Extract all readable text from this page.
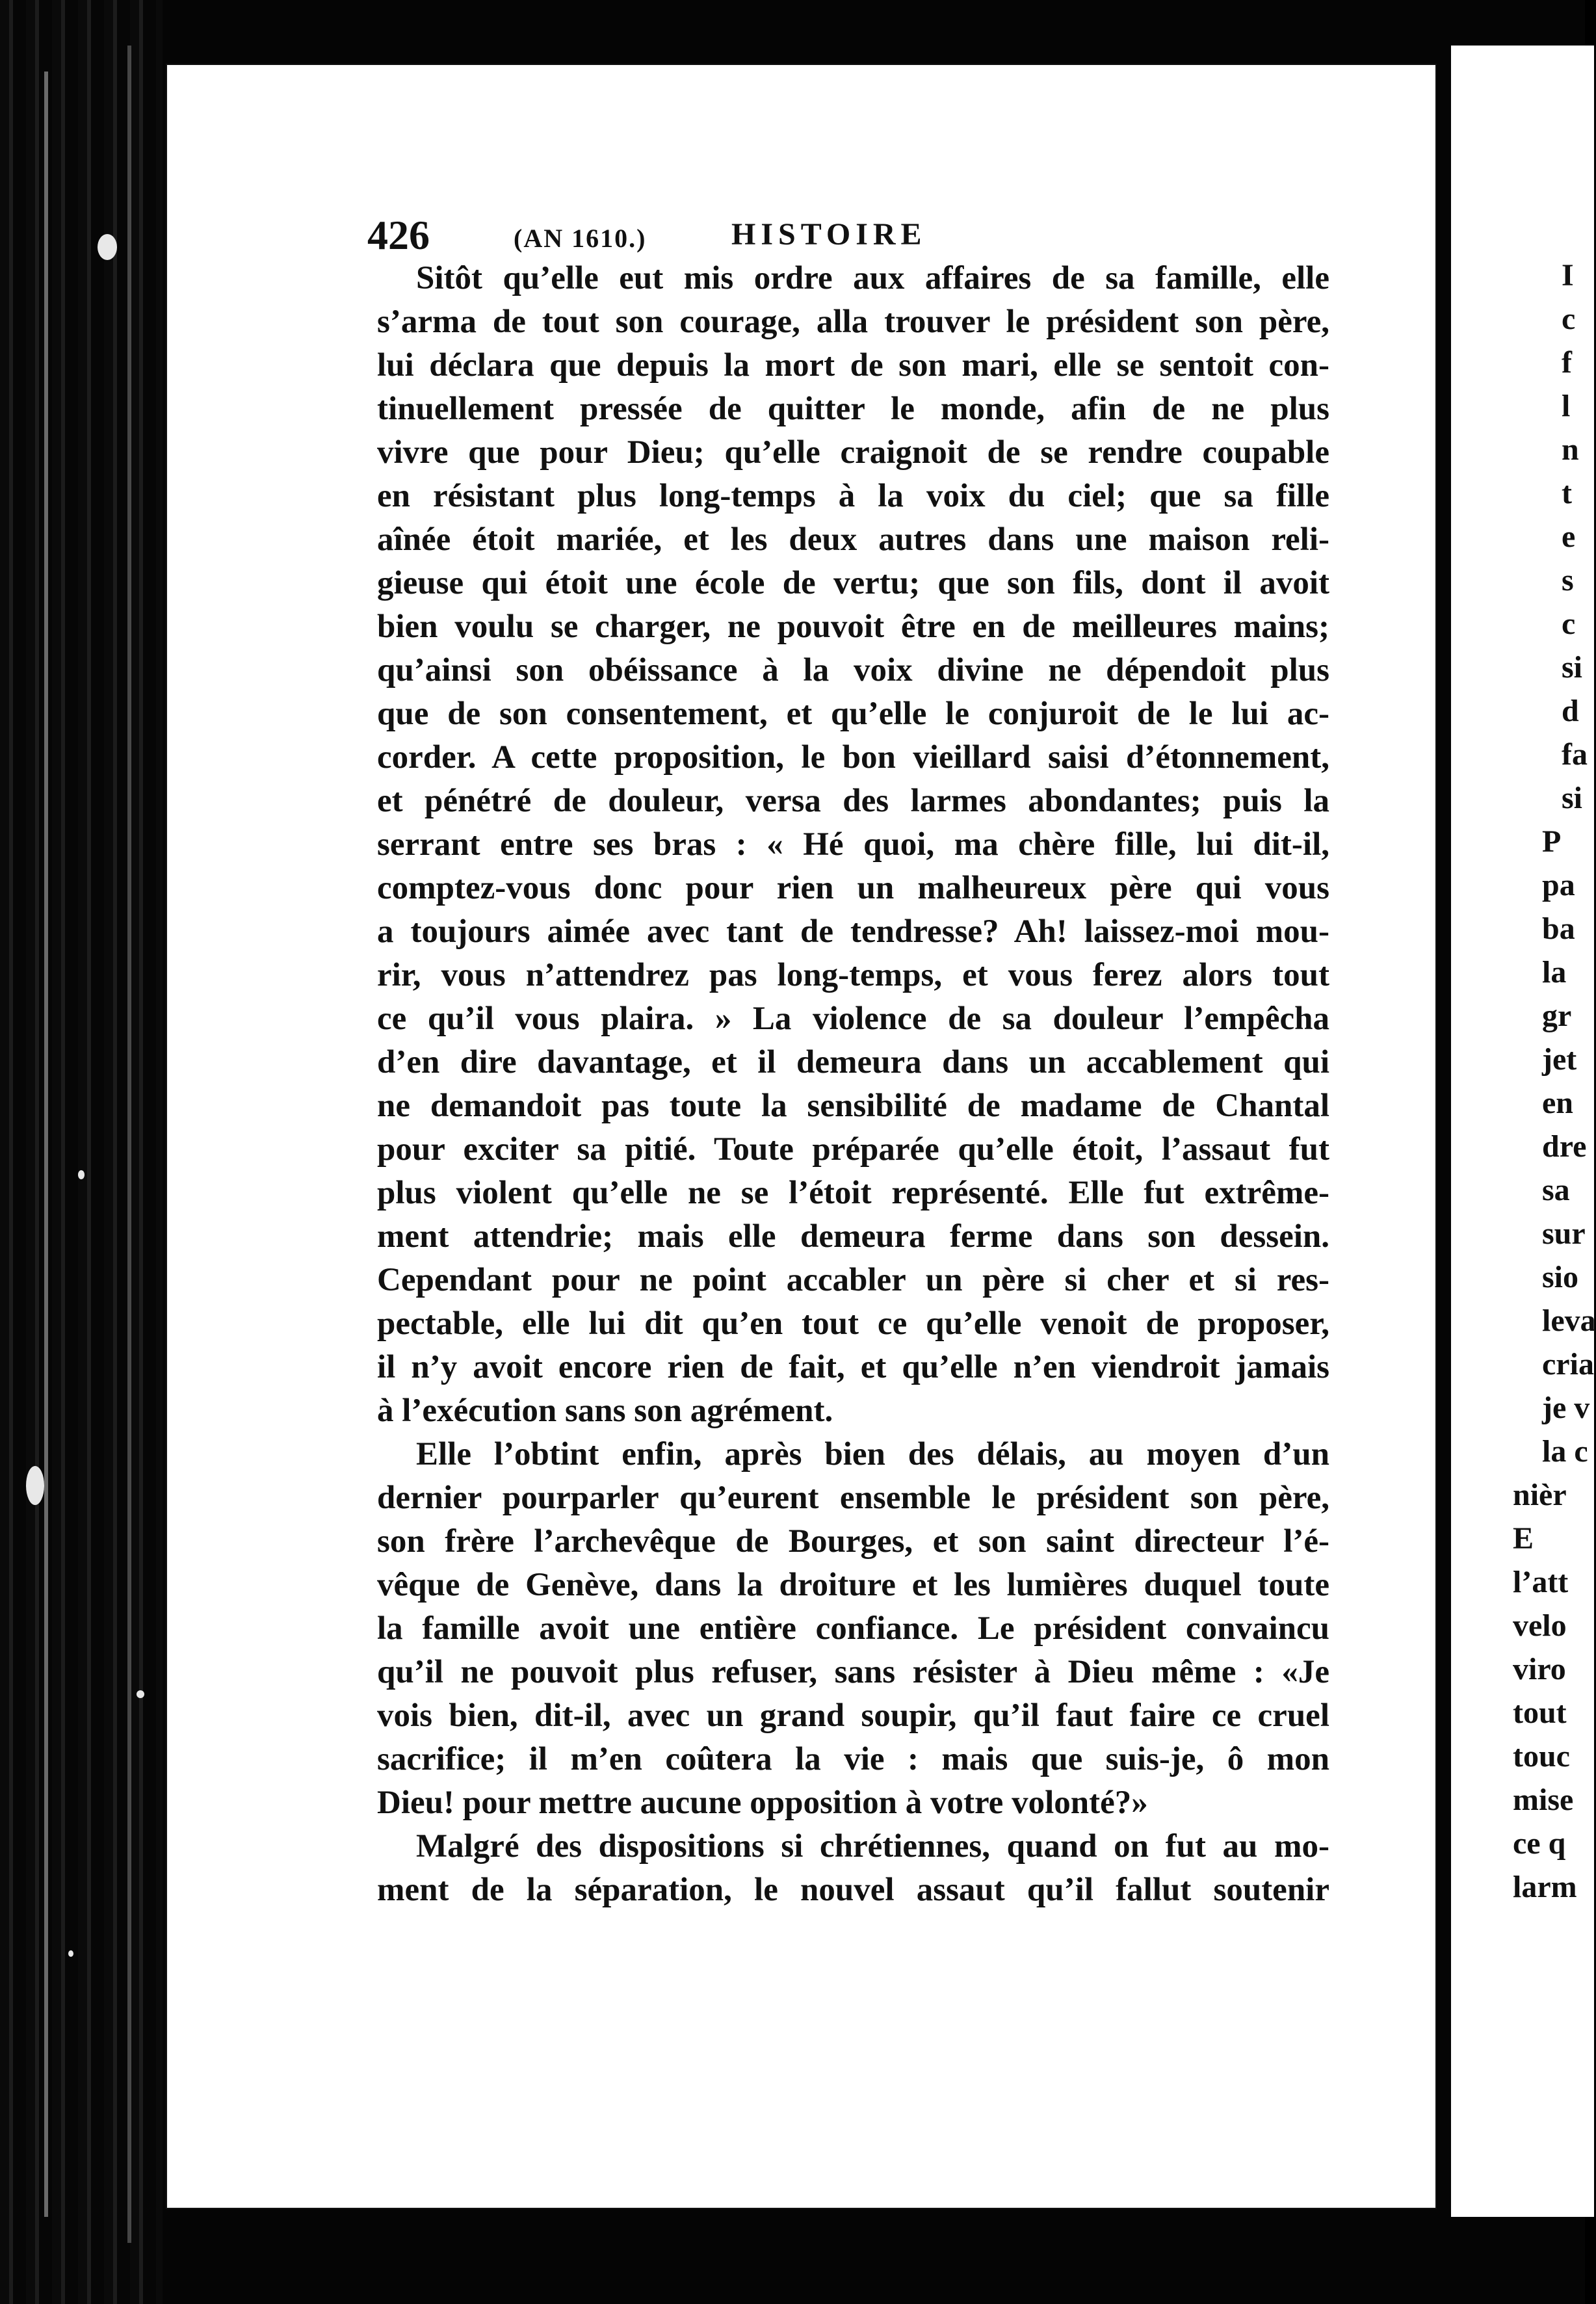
426	(AN 1610.)	HISTOIRE
Sitôt qu’elle eut mis ordre aux affaires de sa famille, elle
s’arma de tout son courage, alla trouver le président son père,
lui déclara que depuis la mort de son mari, elle se sentoit con-
tinuellement pressée de quitter le monde, afin de ne plus
vivre que pour Dieu; qu’elle craignoit de se rendre coupable
en résistant plus long-temps à la voix du ciel; que sa fille
aînée étoit mariée, et les deux autres dans une maison reli-
gieuse qui étoit une école de vertu; que son fils, dont il avoit
bien voulu se charger, ne pouvoit être en de meilleures mains;
qu’ainsi son obéissance à la voix divine ne dépendoit plus
que de son consentement, et qu’elle le conjuroit de le lui ac-
corder. A cette proposition, le bon vieillard saisi d’étonnement,
et pénétré de douleur, versa des larmes abondantes; puis la
serrant entre ses bras : « Hé quoi, ma chère fille, lui dit-il,
comptez-vous donc pour rien un malheureux père qui vous
a toujours aimée avec tant de tendresse? Ah! laissez-moi mou-
rir, vous n’attendrez pas long-temps, et vous ferez alors tout
ce qu’il vous plaira. » La violence de sa douleur l’empêcha
d’en dire davantage, et il demeura dans un accablement qui
ne demandoit pas toute la sensibilité de madame de Chantal
pour exciter sa pitié. Toute préparée qu’elle étoit, l’assaut fut
plus violent qu’elle ne se l’étoit représenté. Elle fut extrême-
ment attendrie; mais elle demeura ferme dans son dessein.
Cependant pour ne point accabler un père si cher et si res-
pectable, elle lui dit qu’en tout ce qu’elle venoit de proposer,
il n’y avoit encore rien de fait, et qu’elle n’en viendroit jamais
à l’exécution sans son agrément.
Elle l’obtint enfin, après bien des délais, au moyen d’un
dernier pourparler qu’eurent ensemble le président son père,
son frère l’archevêque de Bourges, et son saint directeur l’é-
vêque de Genève, dans la droiture et les lumières duquel toute
la famille avoit une entière confiance. Le président convaincu
qu’il ne pouvoit plus refuser, sans résister à Dieu même : «Je
vois bien, dit-il, avec un grand soupir, qu’il faut faire ce cruel
sacrifice; il m’en coûtera la vie : mais que suis-je, ô mon
Dieu! pour mettre aucune opposition à votre volonté?»
Malgré des dispositions si chrétiennes, quand on fut au mo-
ment de la séparation, le nouvel assaut qu’il fallut soutenir
I
c
f
l
n
t
e
s
c
si
d
fa
si
P
pa
ba
la
gr
jet
en
dre
sa
sur
sio
leva
cria
je v
la c
nièr
E
l’att
velo
viro
tout
touc
mise
ce q
larm
